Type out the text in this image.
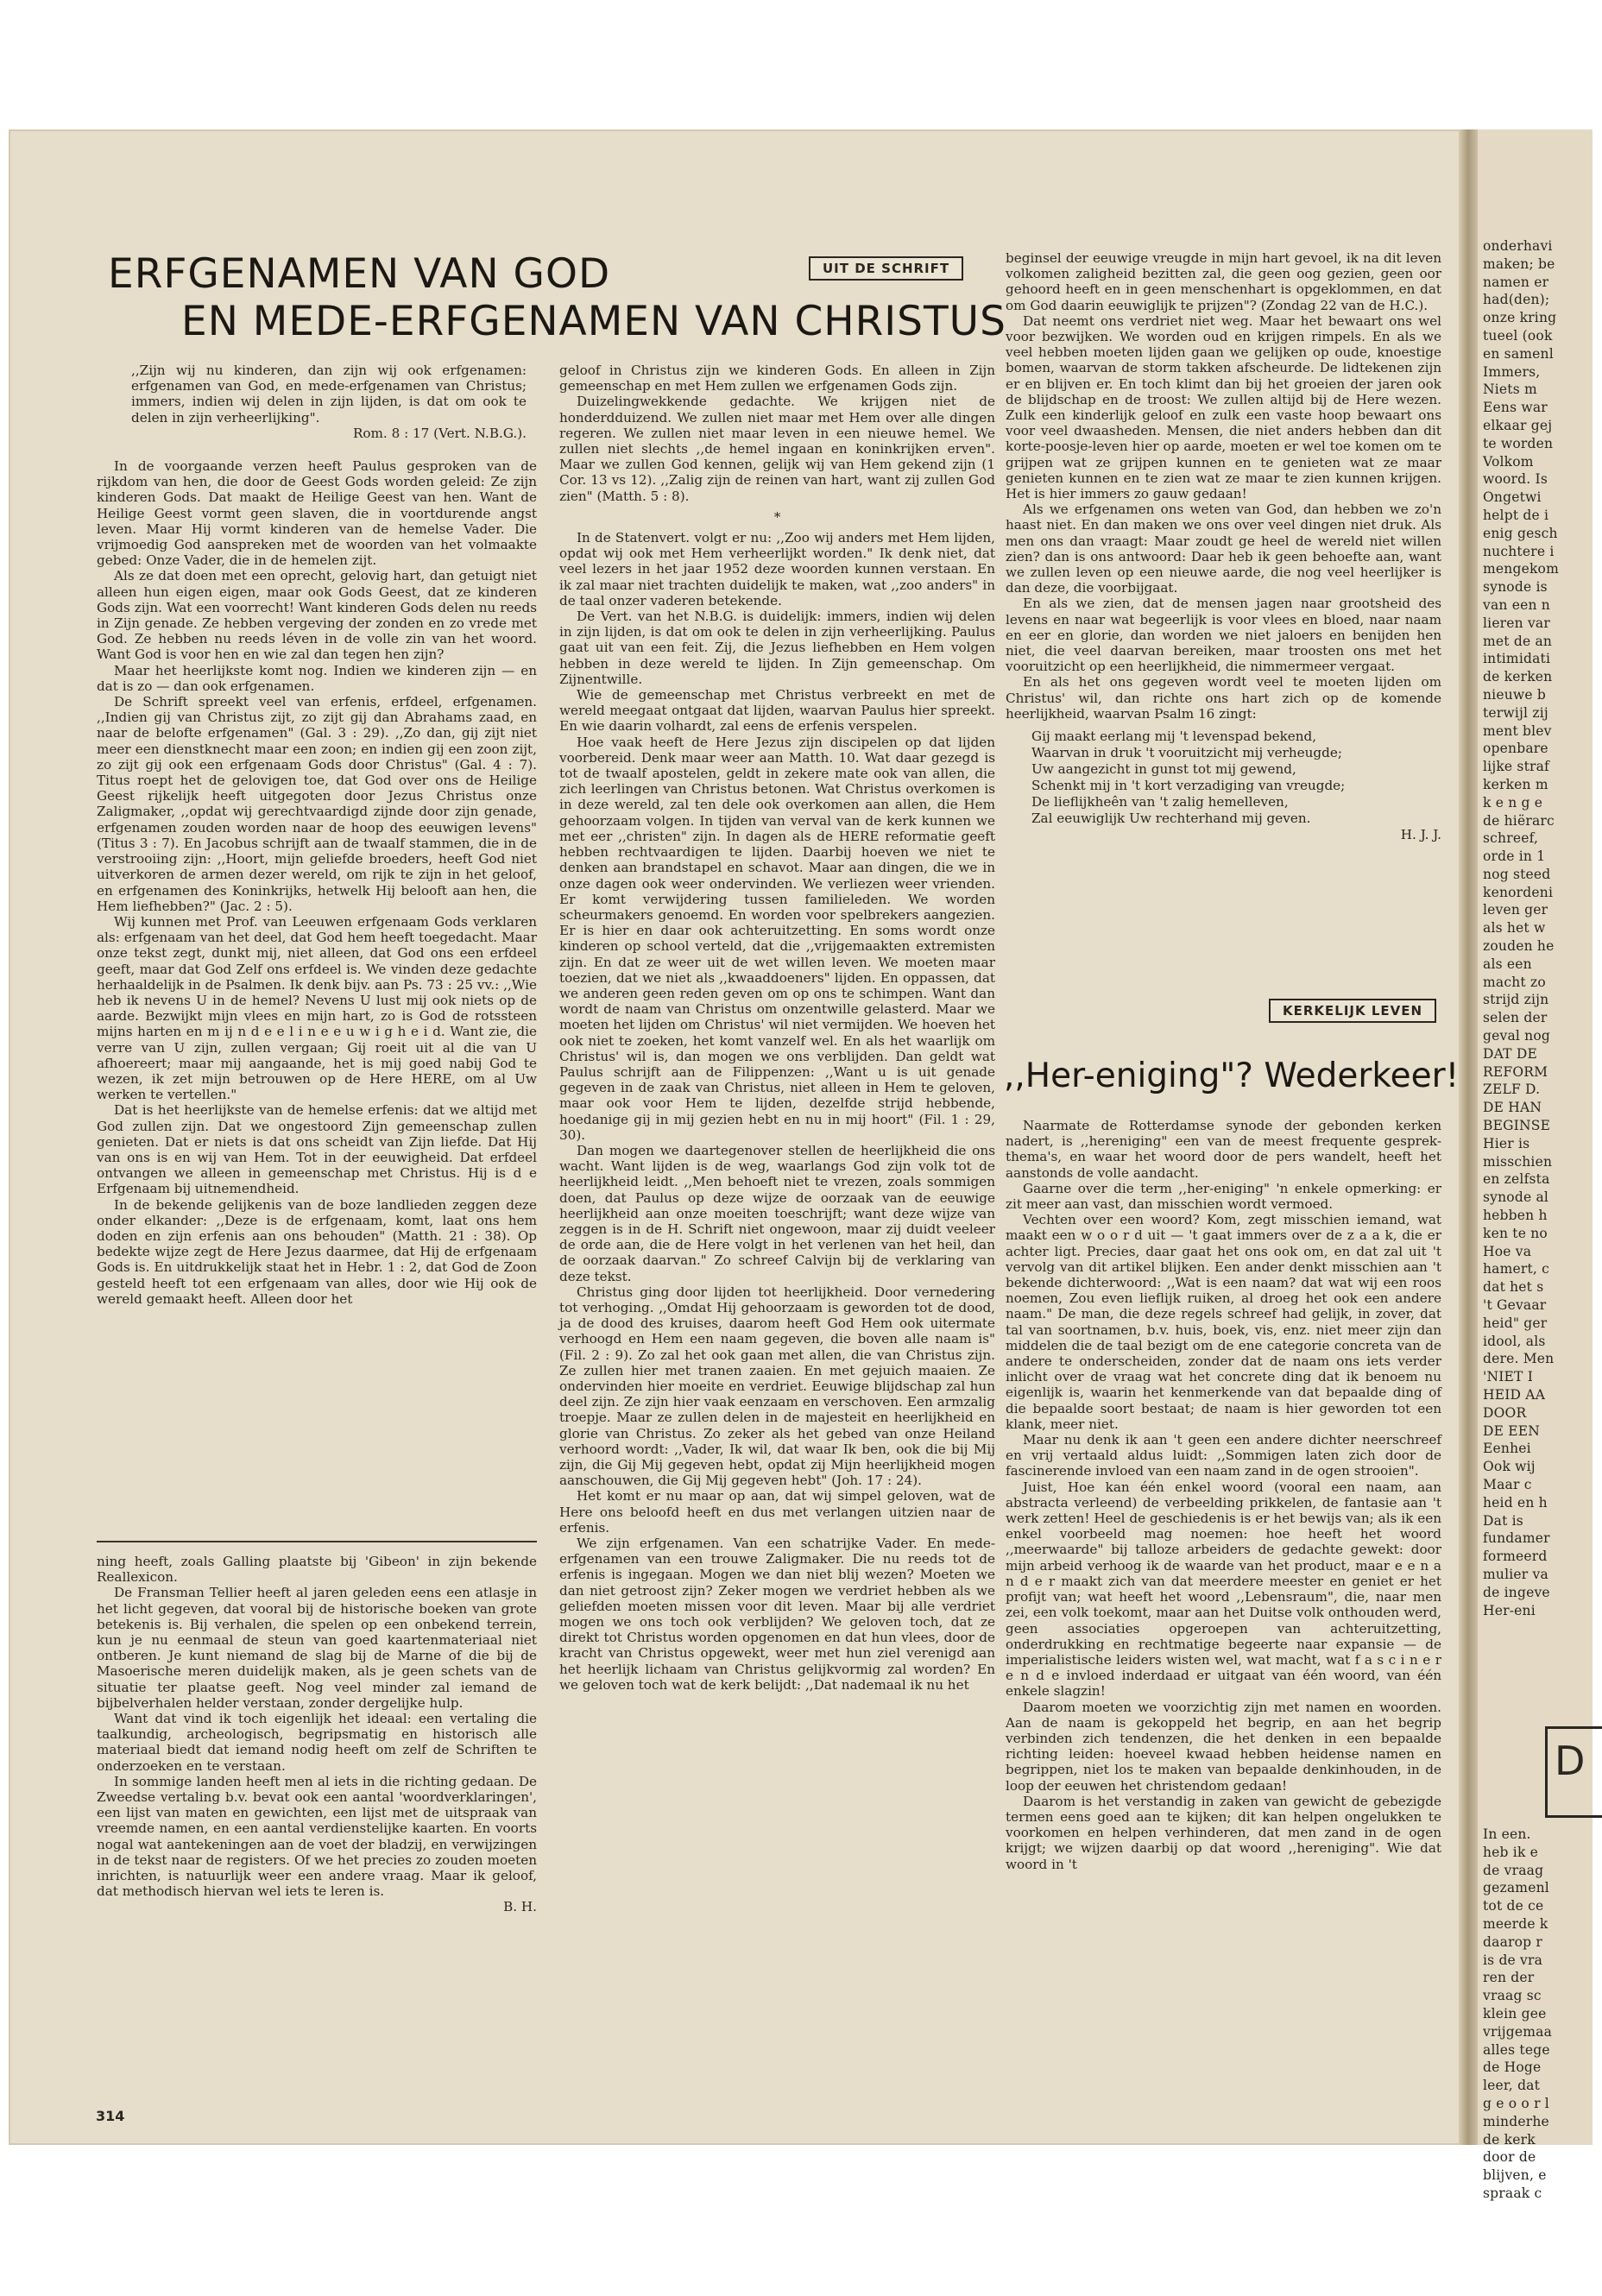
ERFGENAMEN VAN GOD
EN MEDE-ERFGENAMEN VAN CHRISTUS
UIT DE SCHRIFT

,,Zijn wij nu kinderen, dan zijn wij ook erfgenamen: erfgenamen van God, en mede-erfgenamen van Christus; immers, indien wij delen in zijn lijden, is dat om ook te delen in zijn verheerlijking".

Rom. 8 : 17 (Vert. N.B.G.).

In de voorgaande verzen heeft Paulus gesproken van de rijkdom van hen, die door de Geest Gods worden geleid: Ze zijn kinderen Gods. Dat maakt de Heilige Geest van hen. Want de Heilige Geest vormt geen slaven, die in voortdurende angst leven. Maar Hij vormt kinderen van de hemelse Vader. Die vrijmoedig God aanspreken met de woorden van het volmaakte gebed: Onze Vader, die in de hemelen zijt.

Als ze dat doen met een oprecht, gelovig hart, dan getuigt niet alleen hun eigen eigen, maar ook Gods Geest, dat ze kinderen Gods zijn. Wat een voorrecht! Want kinderen Gods delen nu reeds in Zijn genade. Ze hebben vergeving der zonden en zo vrede met God. Ze hebben nu reeds léven in de volle zin van het woord. Want God is voor hen en wie zal dan tegen hen zijn?

Maar het heerlijkste komt nog. Indien we kinderen zijn — en dat is zo — dan ook erfgenamen.

De Schrift spreekt veel van erfenis, erfdeel, erfgenamen. ,,Indien gij van Christus zijt, zo zijt gij dan Abrahams zaad, en naar de belofte erfgenamen" (Gal. 3 : 29). ,,Zo dan, gij zijt niet meer een dienstknecht maar een zoon; en indien gij een zoon zijt, zo zijt gij ook een erfgenaam Gods door Christus" (Gal. 4 : 7). Titus roept het de gelovigen toe, dat God over ons de Heilige Geest rijkelijk heeft uitgegoten door Jezus Christus onze Zaligmaker, ,,opdat wij gerechtvaardigd zijnde door zijn genade, erfgenamen zouden worden naar de hoop des eeuwigen levens" (Titus 3 : 7). En Jacobus schrijft aan de twaalf stammen, die in de verstrooiing zijn: ,,Hoort, mijn geliefde broeders, heeft God niet uitverkoren de armen dezer wereld, om rijk te zijn in het geloof, en erfgenamen des Koninkrijks, hetwelk Hij belooft aan hen, die Hem liefhebben?" (Jac. 2 : 5).

Wij kunnen met Prof. van Leeuwen erfgenaam Gods verklaren als: erfgenaam van het deel, dat God hem heeft toegedacht. Maar onze tekst zegt, dunkt mij, niet alleen, dat God ons een erfdeel geeft, maar dat God Zelf ons erfdeel is. We vinden deze gedachte herhaaldelijk in de Psalmen. Ik denk bijv. aan Ps. 73 : 25 vv.: ,,Wie heb ik nevens U in de hemel? Nevens U lust mij ook niets op de aarde. Bezwijkt mijn vlees en mijn hart, zo is God de rotssteen mijns harten en m ij n d e e l i n e e u w i g h e i d. Want zie, die verre van U zijn, zullen vergaan; Gij roeit uit al die van U afhoereert; maar mij aangaande, het is mij goed nabij God te wezen, ik zet mijn betrouwen op de Here HERE, om al Uw werken te vertellen."

Dat is het heerlijkste van de hemelse erfenis: dat we altijd met God zullen zijn. Dat we ongestoord Zijn gemeenschap zullen genieten. Dat er niets is dat ons scheidt van Zijn liefde. Dat Hij van ons is en wij van Hem. Tot in der eeuwigheid. Dat erfdeel ontvangen we alleen in gemeenschap met Christus. Hij is d e Erfgenaam bij uitnemendheid.

In de bekende gelijkenis van de boze landlieden zeggen deze onder elkander: ,,Deze is de erfgenaam, komt, laat ons hem doden en zijn erfenis aan ons behouden" (Matth. 21 : 38). Op bedekte wijze zegt de Here Jezus daarmee, dat Hij de erfgenaam Gods is. En uitdrukkelijk staat het in Hebr. 1 : 2, dat God de Zoon gesteld heeft tot een erfgenaam van alles, door wie Hij ook de wereld gemaakt heeft. Alleen door het

geloof in Christus zijn we kinderen Gods. En alleen in Zijn gemeenschap en met Hem zullen we erfgenamen Gods zijn.

Duizelingwekkende gedachte. We krijgen niet de honderdduizend. We zullen niet maar met Hem over alle dingen regeren. We zullen niet maar leven in een nieuwe hemel. We zullen niet slechts ,,de hemel ingaan en koninkrijken erven". Maar we zullen God kennen, gelijk wij van Hem gekend zijn (1 Cor. 13 vs 12). ,,Zalig zijn de reinen van hart, want zij zullen God zien" (Matth. 5 : 8).

*

In de Statenvert. volgt er nu: ,,Zoo wij anders met Hem lijden, opdat wij ook met Hem verheerlijkt worden." Ik denk niet, dat veel lezers in het jaar 1952 deze woorden kunnen verstaan. En ik zal maar niet trachten duidelijk te maken, wat ,,zoo anders" in de taal onzer vaderen betekende.

De Vert. van het N.B.G. is duidelijk: immers, indien wij delen in zijn lijden, is dat om ook te delen in zijn verheerlijking. Paulus gaat uit van een feit. Zij, die Jezus liefhebben en Hem volgen hebben in deze wereld te lijden. In Zijn gemeenschap. Om Zijnentwille.

Wie de gemeenschap met Christus verbreekt en met de wereld meegaat ontgaat dat lijden, waarvan Paulus hier spreekt. En wie daarin volhardt, zal eens de erfenis verspelen.

Hoe vaak heeft de Here Jezus zijn discipelen op dat lijden voorbereid. Denk maar weer aan Matth. 10. Wat daar gezegd is tot de twaalf apostelen, geldt in zekere mate ook van allen, die zich leerlingen van Christus betonen. Wat Christus overkomen is in deze wereld, zal ten dele ook overkomen aan allen, die Hem gehoorzaam volgen. In tijden van verval van de kerk kunnen we met eer ,,christen" zijn. In dagen als de HERE reformatie geeft hebben rechtvaardigen te lijden. Daarbij hoeven we niet te denken aan brandstapel en schavot. Maar aan dingen, die we in onze dagen ook weer ondervinden. We verliezen weer vrienden. Er komt verwijdering tussen familieleden. We worden scheurmakers genoemd. En worden voor spelbrekers aangezien. Er is hier en daar ook achteruitzetting. En soms wordt onze kinderen op school verteld, dat die ,,vrijgemaakten extremisten zijn. En dat ze weer uit de wet willen leven. We moeten maar toezien, dat we niet als ,,kwaaddoeners" lijden. En oppassen, dat we anderen geen reden geven om op ons te schimpen. Want dan wordt de naam van Christus om onzentwille gelasterd. Maar we moeten het lijden om Christus' wil niet vermijden. We hoeven het ook niet te zoeken, het komt vanzelf wel. En als het waarlijk om Christus' wil is, dan mogen we ons verblijden. Dan geldt wat Paulus schrijft aan de Filippenzen: ,,Want u is uit genade gegeven in de zaak van Christus, niet alleen in Hem te geloven, maar ook voor Hem te lijden, dezelfde strijd hebbende, hoedanige gij in mij gezien hebt en nu in mij hoort" (Fil. 1 : 29, 30).

Dan mogen we daartegenover stellen de heerlijkheid die ons wacht. Want lijden is de weg, waarlangs God zijn volk tot de heerlijkheid leidt. ,,Men behoeft niet te vrezen, zoals sommigen doen, dat Paulus op deze wijze de oorzaak van de eeuwige heerlijkheid aan onze moeiten toeschrijft; want deze wijze van zeggen is in de H. Schrift niet ongewoon, maar zij duidt veeleer de orde aan, die de Here volgt in het verlenen van het heil, dan de oorzaak daarvan." Zo schreef Calvijn bij de verklaring van deze tekst.

Christus ging door lijden tot heerlijkheid. Door vernedering tot verhoging. ,,Omdat Hij gehoorzaam is geworden tot de dood, ja de dood des kruises, daarom heeft God Hem ook uitermate verhoogd en Hem een naam gegeven, die boven alle naam is" (Fil. 2 : 9). Zo zal het ook gaan met allen, die van Christus zijn. Ze zullen hier met tranen zaaien. En met gejuich maaien. Ze ondervinden hier moeite en verdriet. Eeuwige blijdschap zal hun deel zijn. Ze zijn hier vaak eenzaam en verschoven. Een armzalig troepje. Maar ze zullen delen in de majesteit en heerlijkheid en glorie van Christus. Zo zeker als het gebed van onze Heiland verhoord wordt: ,,Vader, Ik wil, dat waar Ik ben, ook die bij Mij zijn, die Gij Mij gegeven hebt, opdat zij Mijn heerlijkheid mogen aanschouwen, die Gij Mij gegeven hebt" (Joh. 17 : 24).

Het komt er nu maar op aan, dat wij simpel geloven, wat de Here ons beloofd heeft en dus met verlangen uitzien naar de erfenis.

We zijn erfgenamen. Van een schatrijke Vader. En mede-erfgenamen van een trouwe Zaligmaker. Die nu reeds tot de erfenis is ingegaan. Mogen we dan niet blij wezen? Moeten we dan niet getroost zijn? Zeker mogen we verdriet hebben als we geliefden moeten missen voor dit leven. Maar bij alle verdriet mogen we ons toch ook verblijden? We geloven toch, dat ze direkt tot Christus worden opgenomen en dat hun vlees, door de kracht van Christus opgewekt, weer met hun ziel verenigd aan het heerlijk lichaam van Christus gelijkvormig zal worden? En we geloven toch wat de kerk belijdt: ,,Dat nademaal ik nu het

ning heeft, zoals Galling plaatste bij 'Gibeon' in zijn bekende Reallexicon.

De Fransman Tellier heeft al jaren geleden eens een atlasje in het licht gegeven, dat vooral bij de historische boeken van grote betekenis is. Bij verhalen, die spelen op een onbekend terrein, kun je nu eenmaal de steun van goed kaartenmateriaal niet ontberen. Je kunt niemand de slag bij de Marne of die bij de Masoerische meren duidelijk maken, als je geen schets van de situatie ter plaatse geeft. Nog veel minder zal iemand de bijbelverhalen helder verstaan, zonder dergelijke hulp.

Want dat vind ik toch eigenlijk het ideaal: een vertaling die taalkundig, archeologisch, begripsmatig en historisch alle materiaal biedt dat iemand nodig heeft om zelf de Schriften te onderzoeken en te verstaan.

In sommige landen heeft men al iets in die richting gedaan. De Zweedse vertaling b.v. bevat ook een aantal 'woordverklaringen', een lijst van maten en gewichten, een lijst met de uitspraak van vreemde namen, en een aantal verdienstelijke kaarten. En voorts nogal wat aantekeningen aan de voet der bladzij, en verwijzingen in de tekst naar de registers. Of we het precies zo zouden moeten inrichten, is natuurlijk weer een andere vraag. Maar ik geloof, dat methodisch hiervan wel iets te leren is.

B. H.

314

beginsel der eeuwige vreugde in mijn hart gevoel, ik na dit leven volkomen zaligheid bezitten zal, die geen oog gezien, geen oor gehoord heeft en in geen menschenhart is opgeklommen, en dat om God daarin eeuwiglijk te prijzen"? (Zondag 22 van de H.C.).

Dat neemt ons verdriet niet weg. Maar het bewaart ons wel voor bezwijken. We worden oud en krijgen rimpels. En als we veel hebben moeten lijden gaan we gelijken op oude, knoestige bomen, waarvan de storm takken afscheurde. De lidtekenen zijn er en blijven er. En toch klimt dan bij het groeien der jaren ook de blijdschap en de troost: We zullen altijd bij de Here wezen. Zulk een kinderlijk geloof en zulk een vaste hoop bewaart ons voor veel dwaasheden. Mensen, die niet anders hebben dan dit korte-poosje-leven hier op aarde, moeten er wel toe komen om te grijpen wat ze grijpen kunnen en te genieten wat ze maar genieten kunnen en te zien wat ze maar te zien kunnen krijgen. Het is hier immers zo gauw gedaan!

Als we erfgenamen ons weten van God, dan hebben we zo'n haast niet. En dan maken we ons over veel dingen niet druk. Als men ons dan vraagt: Maar zoudt ge heel de wereld niet willen zien? dan is ons antwoord: Daar heb ik geen behoefte aan, want we zullen leven op een nieuwe aarde, die nog veel heerlijker is dan deze, die voorbijgaat.

En als we zien, dat de mensen jagen naar grootsheid des levens en naar wat begeerlijk is voor vlees en bloed, naar naam en eer en glorie, dan worden we niet jaloers en benijden hen niet, die veel daarvan bereiken, maar troosten ons met het vooruitzicht op een heerlijkheid, die nimmermeer vergaat.

En als het ons gegeven wordt veel te moeten lijden om Christus' wil, dan richte ons hart zich op de komende heerlijkheid, waarvan Psalm 16 zingt:

Gij maakt eerlang mij 't levenspad bekend,
Waarvan in druk 't vooruitzicht mij verheugde;
Uw aangezicht in gunst tot mij gewend,
Schenkt mij in 't kort verzadiging van vreugde;
De lieflijkheên van 't zalig hemelleven,
Zal eeuwiglijk Uw rechterhand mij geven.

H. J. J.

KERKELIJK LEVEN
,,Her-eniging"? Wederkeer!

Naarmate de Rotterdamse synode der gebonden kerken nadert, is ,,hereniging" een van de meest frequente gesprek-thema's, en waar het woord door de pers wandelt, heeft het aanstonds de volle aandacht.

Gaarne over die term ,,her-eniging" 'n enkele opmerking: er zit meer aan vast, dan misschien wordt vermoed.

Vechten over een woord? Kom, zegt misschien iemand, wat maakt een w o o r d uit — 't gaat immers over de z a a k, die er achter ligt. Precies, daar gaat het ons ook om, en dat zal uit 't vervolg van dit artikel blijken. Een ander denkt misschien aan 't bekende dichterwoord: ,,Wat is een naam? dat wat wij een roos noemen, Zou even lieflijk ruiken, al droeg het ook een andere naam." De man, die deze regels schreef had gelijk, in zover, dat tal van soortnamen, b.v. huis, boek, vis, enz. niet meer zijn dan middelen die de taal bezigt om de ene categorie concreta van de andere te onderscheiden, zonder dat de naam ons iets verder inlicht over de vraag wat het concrete ding dat ik benoem nu eigenlijk is, waarin het kenmerkende van dat bepaalde ding of die bepaalde soort bestaat; de naam is hier geworden tot een klank, meer niet.

Maar nu denk ik aan 't geen een andere dichter neerschreef en vrij vertaald aldus luidt: ,,Sommigen laten zich door de fascinerende invloed van een naam zand in de ogen strooien".

Juist, Hoe kan één enkel woord (vooral een naam, aan abstracta verleend) de verbeelding prikkelen, de fantasie aan 't werk zetten! Heel de geschiedenis is er het bewijs van; als ik een enkel voorbeeld mag noemen: hoe heeft het woord ,,meerwaarde" bij talloze arbeiders de gedachte gewekt: door mijn arbeid verhoog ik de waarde van het product, maar e e n a n d e r maakt zich van dat meerdere meester en geniet er het profijt van; wat heeft het woord ,,Lebensraum", die, naar men zei, een volk toekomt, maar aan het Duitse volk onthouden werd, geen associaties opgeroepen van achteruitzetting, onderdrukking en rechtmatige begeerte naar expansie — de imperialistische leiders wisten wel, wat macht, wat f a s c i n e r e n d e invloed inderdaad er uitgaat van één woord, van één enkele slagzin!

Daarom moeten we voorzichtig zijn met namen en woorden. Aan de naam is gekoppeld het begrip, en aan het begrip verbinden zich tendenzen, die het denken in een bepaalde richting leiden: hoeveel kwaad hebben heidense namen en begrippen, niet los te maken van bepaalde denkinhouden, in de loop der eeuwen het christendom gedaan!

Daarom is het verstandig in zaken van gewicht de gebezigde termen eens goed aan te kijken; dit kan helpen ongelukken te voorkomen en helpen verhinderen, dat men zand in de ogen krijgt; we wijzen daarbij op dat woord ,,hereniging". Wie dat woord in 't

onderhavi

maken; be

namen er

had(den);

onze kring

tueel (ook

en samenl

Immers,

Niets m

Eens war

elkaar gej

te worden

Volkom

woord. Is

Ongetwi

helpt de i

enig gesch

nuchtere i

mengekom

synode is

van een n

lieren var

met de an

intimidati

de kerken

nieuwe b

terwijl zij

ment blev

openbare

lijke straf

kerken m

k e n g e

de hiërarc

schreef,

orde in 1

nog steed

kenordeni

leven ger

als het w

zouden he

als een

macht zo

strijd zijn

selen der

geval nog

DAT DE

REFORM

ZELF D.

DE HAN

BEGINSE

Hier is

misschien

en zelfsta

synode al

hebben h

ken te no

Hoe va

hamert, c

dat het s

't Gevaar

heid" ger

idool, als

dere. Men

'NIET I

HEID AA

DOOR

DE EEN

Eenhei

Ook wij

Maar c

heid en h

Dat is

fundamer

formeerd

mulier va

de ingeve

Her-eni

In een.

heb ik e

de vraag

gezamenl

tot de ce

meerde k

daarop r

is de vra

ren der

vraag sc

klein gee

vrijgemaa

alles tege

de Hoge

leer, dat

g e o o r l

minderhe

de kerk

door de

blijven, e

spraak c

D
